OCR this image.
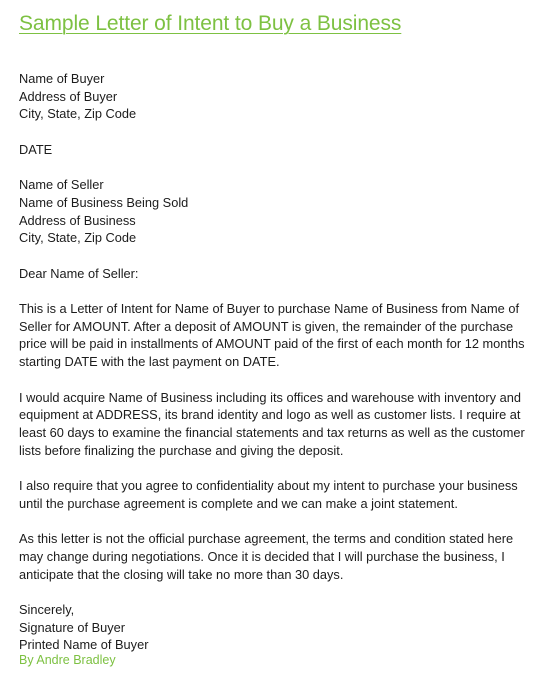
Sample Letter of Intent to Buy a Business
Name of Buyer
Address of Buyer
City, State, Zip Code
DATE
Name of Seller
Name of Business Being Sold
Address of Business
City, State, Zip Code
Dear Name of Seller:

This is a Letter of Intent for Name of Buyer to purchase Name of Business from Name of Seller for AMOUNT. After a deposit of AMOUNT is given, the remainder of the purchase price will be paid in installments of AMOUNT paid of the first of each month for 12 months starting DATE with the last payment on DATE.

I would acquire Name of Business including its offices and warehouse with inventory and equipment at ADDRESS, its brand identity and logo as well as customer lists. I require at least 60 days to examine the financial statements and tax returns as well as the customer lists before finalizing the purchase and giving the deposit.

I also require that you agree to confidentiality about my intent to purchase your business until the purchase agreement is complete and we can make a joint statement.

As this letter is not the official purchase agreement, the terms and condition stated here may change during negotiations. Once it is decided that I will purchase the business, I anticipate that the closing will take no more than 30 days.

Sincerely,
Signature of Buyer
Printed Name of Buyer
By Andre Bradley
